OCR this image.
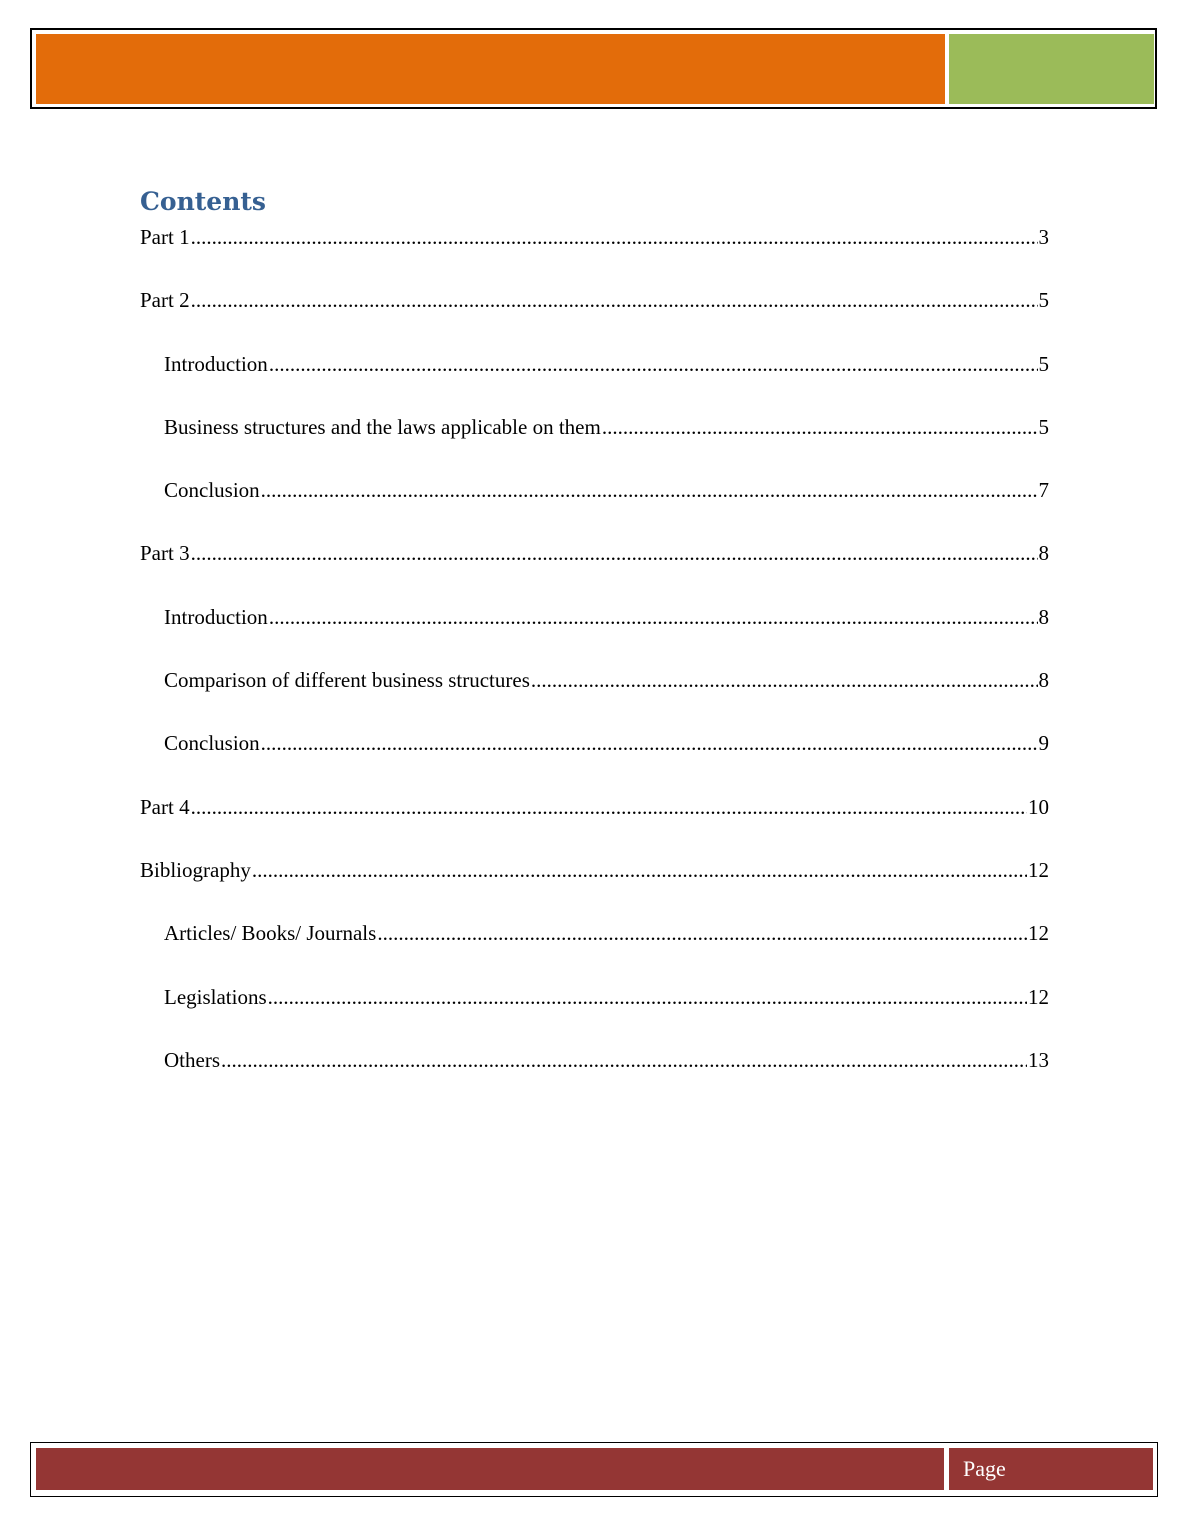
Contents
Part 1 .....	3
Part 2 .....	5
Introduction .....	5
Business structures and the laws applicable on them .....	5
Conclusion .....	7
Part 3 .....	8
Introduction .....	8
Comparison of different business structures .....	8
Conclusion .....	9
Part 4 .....	10
Bibliography .....	12
Articles/ Books/ Journals .....	12
Legislations .....	12
Others .....	13
Page
